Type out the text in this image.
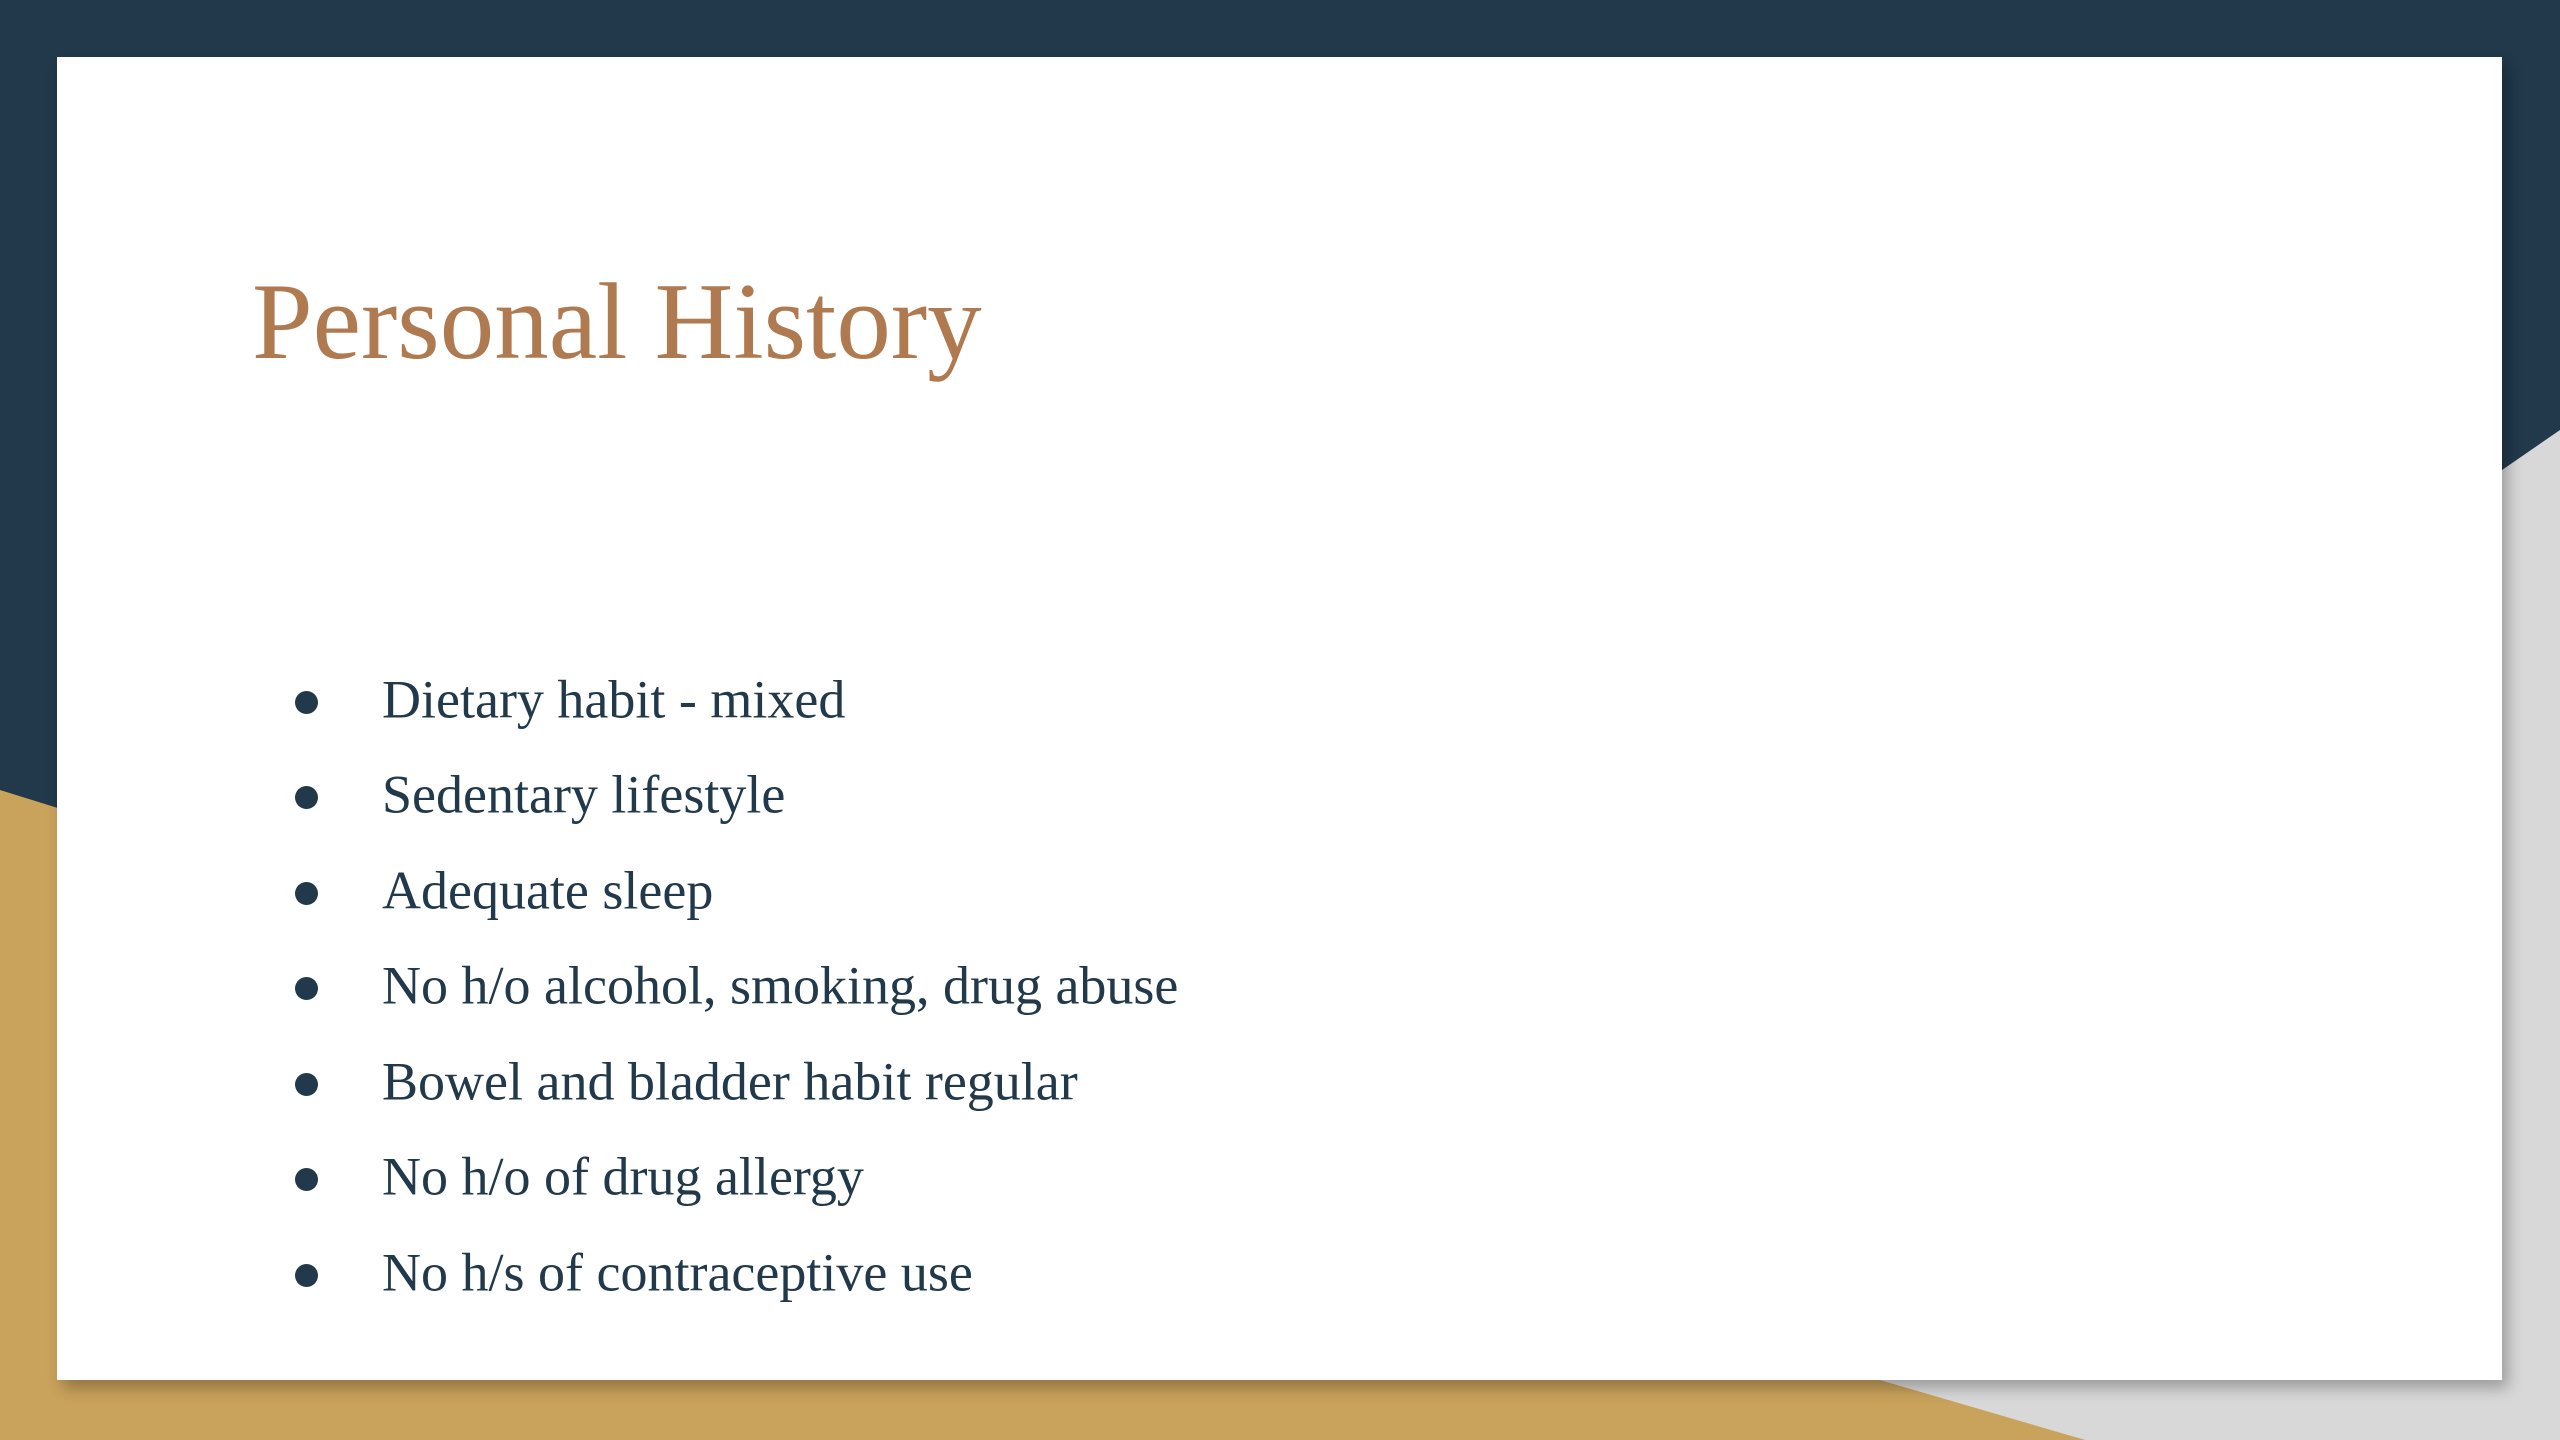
Personal History
Dietary habit - mixed
Sedentary lifestyle
Adequate sleep
No h/o alcohol, smoking, drug abuse
Bowel and bladder habit regular
No h/o of drug allergy
No h/s of contraceptive use
